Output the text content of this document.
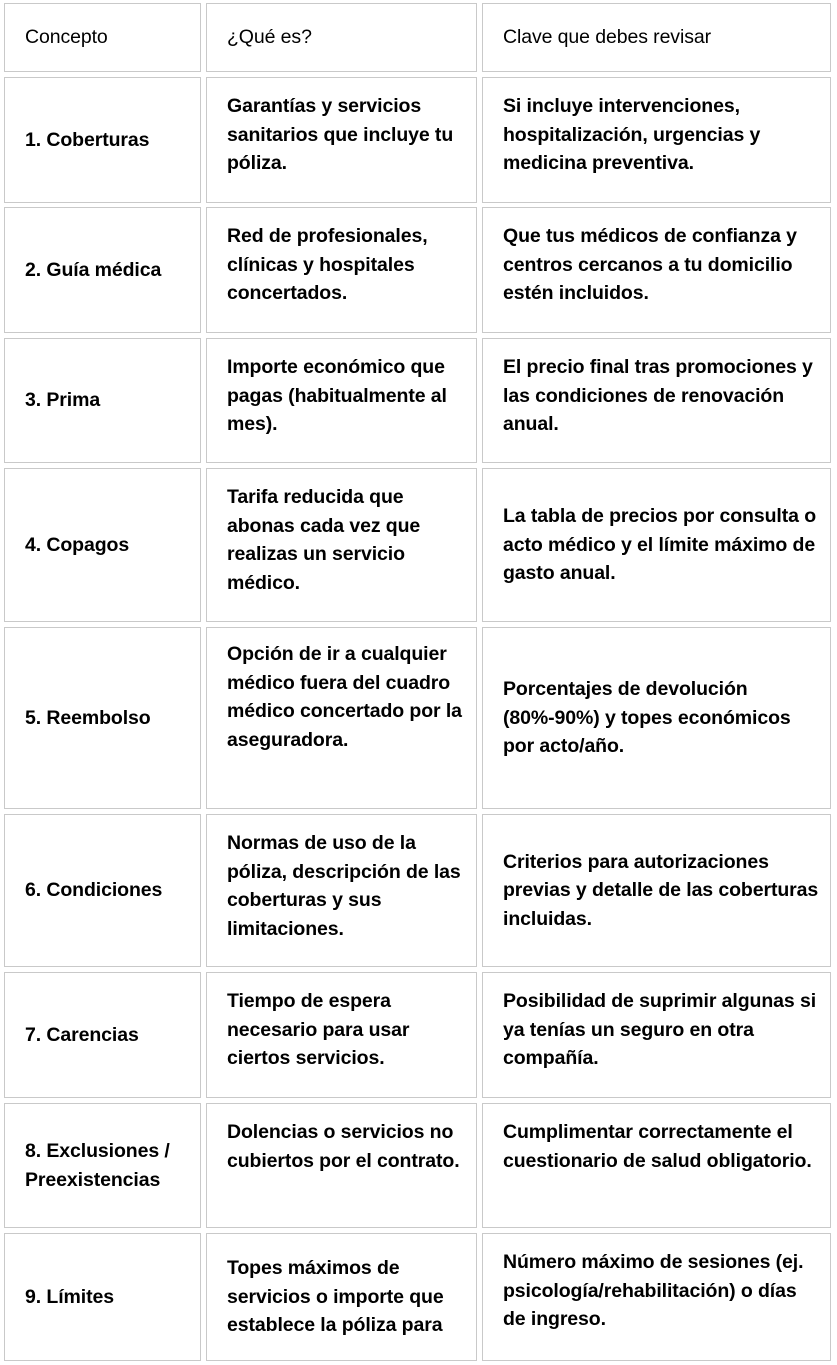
Concepto	¿Qué es?	Clave que debes revisar
1. Coberturas
Garantías y servicios sanitarios que incluye tu póliza.
Si incluye intervenciones, hospitalización, urgencias y medicina preventiva.
2. Guía médica
Red de profesionales, clínicas y hospitales concertados.
Que tus médicos de confianza y centros cercanos a tu domicilio estén incluidos.
3. Prima
Importe económico que pagas (habitualmente al mes).
El precio final tras promociones y las condiciones de renovación anual.
4. Copagos
Tarifa reducida que abonas cada vez que realizas un servicio médico.
La tabla de precios por consulta o acto médico y el límite máximo de gasto anual.
5. Reembolso
Opción de ir a cualquier médico fuera del cuadro médico concertado por la aseguradora.
Porcentajes de devolución (80%-90%) y topes económicos por acto/año.
6. Condiciones
Normas de uso de la póliza, descripción de las coberturas y sus limitaciones.
Criterios para autorizaciones previas y detalle de las coberturas incluidas.
7. Carencias
Tiempo de espera necesario para usar ciertos servicios.
Posibilidad de suprimir algunas si ya tenías un seguro en otra compañía.
8. Exclusiones / Preexistencias
Dolencias o servicios no cubiertos por el contrato.
Cumplimentar correctamente el cuestionario de salud obligatorio.
9. Límites
Topes máximos de servicios o importe que establece la póliza para
Número máximo de sesiones (ej. psicología/rehabilitación) o días de ingreso.
